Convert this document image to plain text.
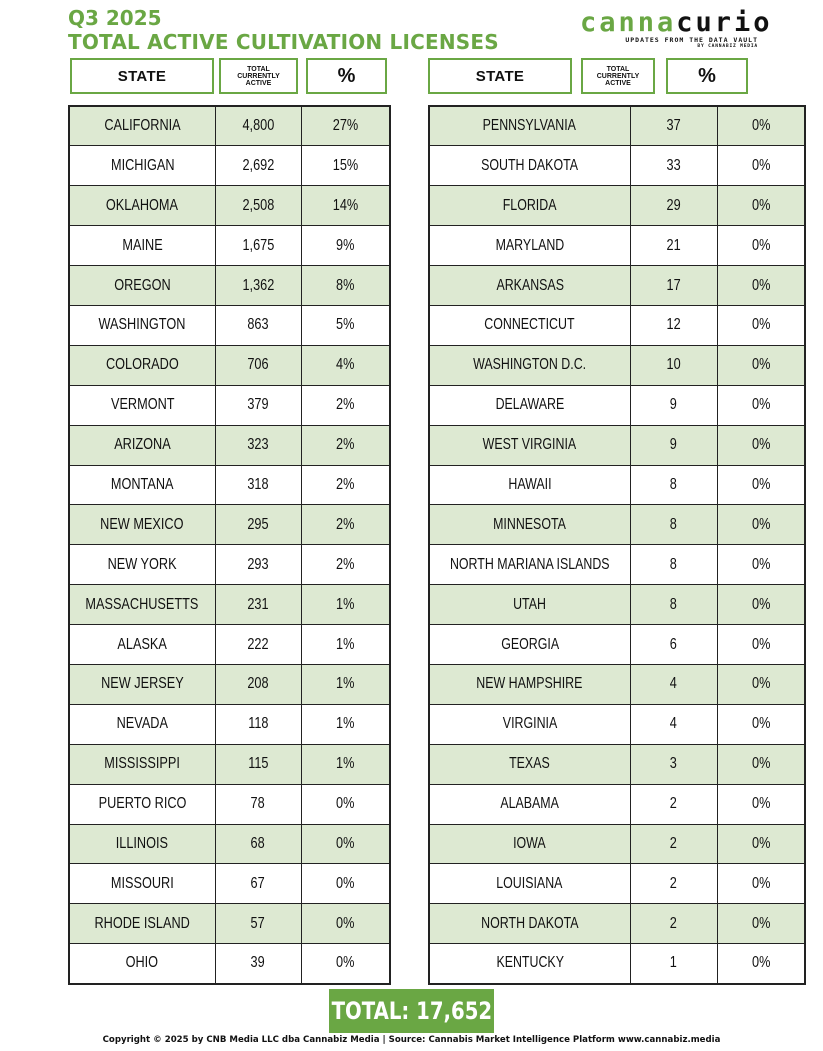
Q3 2025
TOTAL ACTIVE CULTIVATION LICENSES
cannacurio
UPDATES FROM THE DATA VAULT
BY CANNABIZ MEDIA
STATE	TOTAL
CURRENTLY
ACTIVE	%	STATE	TOTAL
CURRENTLY
ACTIVE	%
CALIFORNIA	4,800	27%
MICHIGAN	2,692	15%
OKLAHOMA	2,508	14%
MAINE	1,675	9%
OREGON	1,362	8%
WASHINGTON	863	5%
COLORADO	706	4%
VERMONT	379	2%
ARIZONA	323	2%
MONTANA	318	2%
NEW MEXICO	295	2%
NEW YORK	293	2%
MASSACHUSETTS	231	1%
ALASKA	222	1%
NEW JERSEY	208	1%
NEVADA	118	1%
MISSISSIPPI	115	1%
PUERTO RICO	78	0%
ILLINOIS	68	0%
MISSOURI	67	0%
RHODE ISLAND	57	0%
OHIO	39	0%
PENNSYLVANIA	37	0%
SOUTH DAKOTA	33	0%
FLORIDA	29	0%
MARYLAND	21	0%
ARKANSAS	17	0%
CONNECTICUT	12	0%
WASHINGTON D.C.	10	0%
DELAWARE	9	0%
WEST VIRGINIA	9	0%
HAWAII	8	0%
MINNESOTA	8	0%
NORTH MARIANA ISLANDS	8	0%
UTAH	8	0%
GEORGIA	6	0%
NEW HAMPSHIRE	4	0%
VIRGINIA	4	0%
TEXAS	3	0%
ALABAMA	2	0%
IOWA	2	0%
LOUISIANA	2	0%
NORTH DAKOTA	2	0%
KENTUCKY	1	0%
TOTAL: 17,652
Copyright © 2025 by CNB Media LLC dba Cannabiz Media | Source: Cannabis Market Intelligence Platform www.cannabiz.media
